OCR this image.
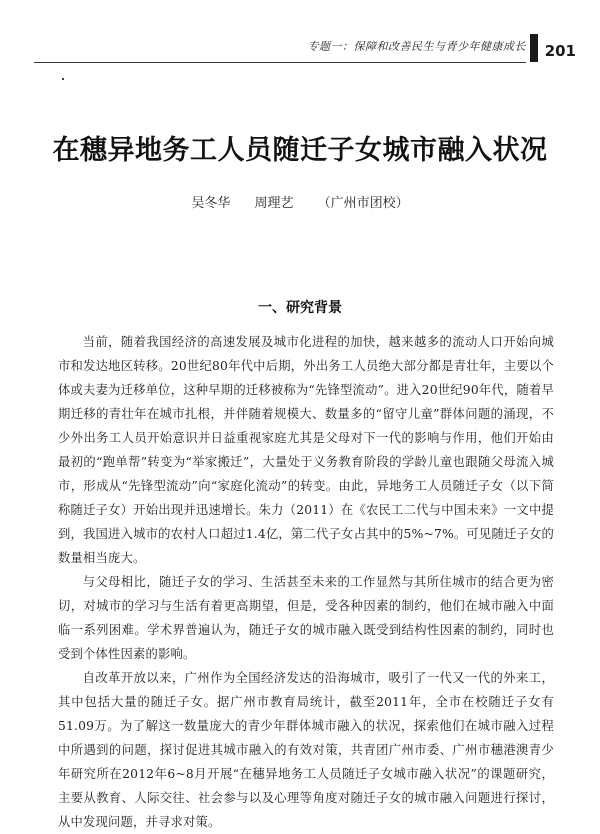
专题一：保障和改善民生与青少年健康成长 201
在穗异地务工人员随迁子女城市融入状况
吴冬华 周理艺 （广州市团校）
一、研究背景

当前，随着我国经济的高速发展及城市化进程的加快，越来越多的流动人口开始向城市和发达地区转移。20世纪80年代中后期，外出务工人员绝大部分都是青壮年，主要以个体或夫妻为迁移单位，这种早期的迁移被称为“先锋型流动”。进入20世纪90年代，随着早期迁移的青壮年在城市扎根，并伴随着规模大、数量多的“留守儿童”群体问题的涌现，不少外出务工人员开始意识并日益重视家庭尤其是父母对下一代的影响与作用，他们开始由最初的“跑单帮”转变为“举家搬迁”，大量处于义务教育阶段的学龄儿童也跟随父母流入城市，形成从“先锋型流动”向“家庭化流动”的转变。由此，异地务工人员随迁子女（以下简称随迁子女）开始出现并迅速增长。朱力（2011）在《农民工二代与中国未来》一文中提到，我国进入城市的农村人口超过1.4亿，第二代子女占其中的5%~7%。可见随迁子女的数量相当庞大。

与父母相比，随迁子女的学习、生活甚至未来的工作显然与其所住城市的结合更为密切，对城市的学习与生活有着更高期望，但是，受各种因素的制约，他们在城市融入中面临一系列困难。学术界普遍认为，随迁子女的城市融入既受到结构性因素的制约，同时也受到个体性因素的影响。

自改革开放以来，广州作为全国经济发达的沿海城市，吸引了一代又一代的外来工，其中包括大量的随迁子女。据广州市教育局统计，截至2011年，全市在校随迁子女有51.09万。为了解这一数量庞大的青少年群体城市融入的状况，探索他们在城市融入过程中所遇到的问题，探讨促进其城市融入的有效对策，共青团广州市委、广州市穗港澳青少年研究所在2012年6~8月开展“在穗异地务工人员随迁子女城市融入状况”的课题研究，主要从教育、人际交往、社会参与以及心理等角度对随迁子女的城市融入问题进行探讨，从中发现问题，并寻求对策。
